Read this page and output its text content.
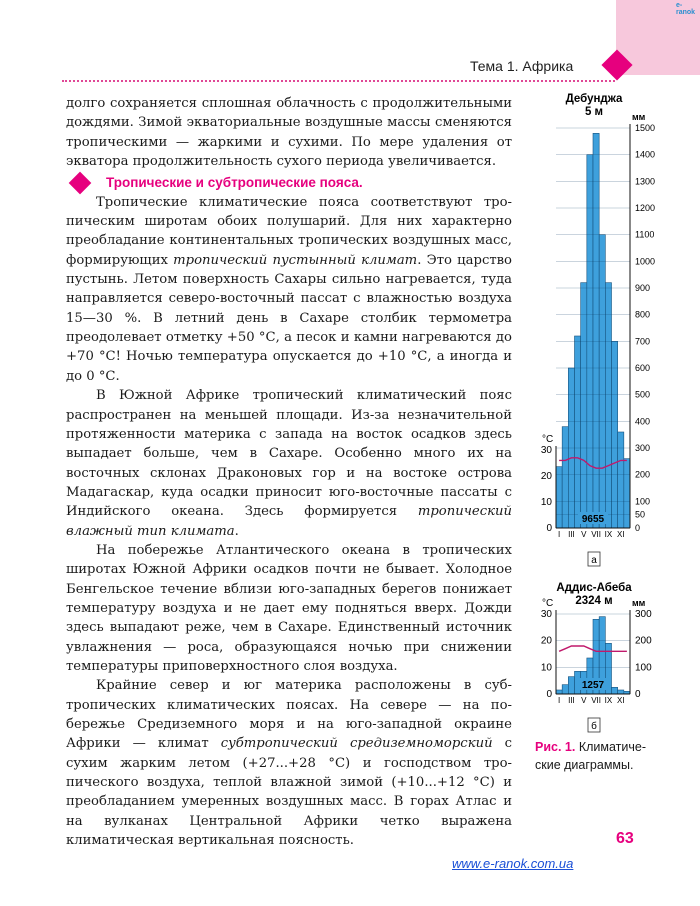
e-ranok
Тема 1. Африка

долго сохраняется сплошная облачность с продолжительными дождями. Зимой экваториальные воздушные массы сменяются тропическими — жаркими и сухими. По мере удаления от экватора продолжительность сухого периода увеличивается.

Тропические и субтропические пояса.

Тропические климатические пояса соответствуют тропическим широтам обоих полушарий. Для них характерно преобладание континентальных тропических воздушных масс, формирующих тропический пустынный климат. Это царство пустынь. Летом поверхность Сахары сильно нагревается, туда направляется северо-восточный пассат с влажностью воздуха 15—30 %. В летний день в Сахаре столбик термометра преодолевает отметку +50 °С, а песок и камни нагреваются до +70 °С! Ночью температура опускается до +10 °С, а иногда и до 0 °С.

В Южной Африке тропический климатический пояс распространен на меньшей площади. Из-за незначительной протяженности материка с запада на восток осадков здесь выпадает больше, чем в Сахаре. Особенно много их на восточных склонах Драконовых гор и на востоке острова Мадагаскар, куда осадки приносит юго-восточные пассаты с Индийского океана. Здесь формируется тропический влажный тип климата.

На побережье Атлантического океана в тропических широтах Южной Африки осадков почти не бывает. Холодное Бенгельское течение вблизи юго-западных берегов понижает температуру воздуха и не дает ему подняться вверх. Дожди здесь выпадают реже, чем в Сахаре. Единственный источник увлажнения — роса, образующаяся ночью при снижении температуры приповерхностного слоя воздуха.

Крайние север и юг материка расположены в субтропических климатических поясах. На севере — на побережье Средиземного моря и на юго-западной окраине Африки — климат субтропический средиземноморский с сухим жарким летом (+27...+28 °С) и господством тропического воздуха, теплой влажной зимой (+10...+12 °С) и преобладанием умеренных воздушных масс. В горах Атлас и на вулканах Центральной Африки четко выражена климатическая вертикальная поясность.

0
10
20
30
0
50
100
200
300
400
500
600
700
800
900
1000
1100
1200
1300
1400
1500
I III V VII IX XI
°С
мм
Дебунджа
5 м
9655
а
0
10
20
30
0
100
200
300
I III V VII IX XI
°С	мм
Аддис-Абеба
2324 м
1257
б
Рис. 1. Климатические диаграммы.
63
www.e-ranok.com.ua
